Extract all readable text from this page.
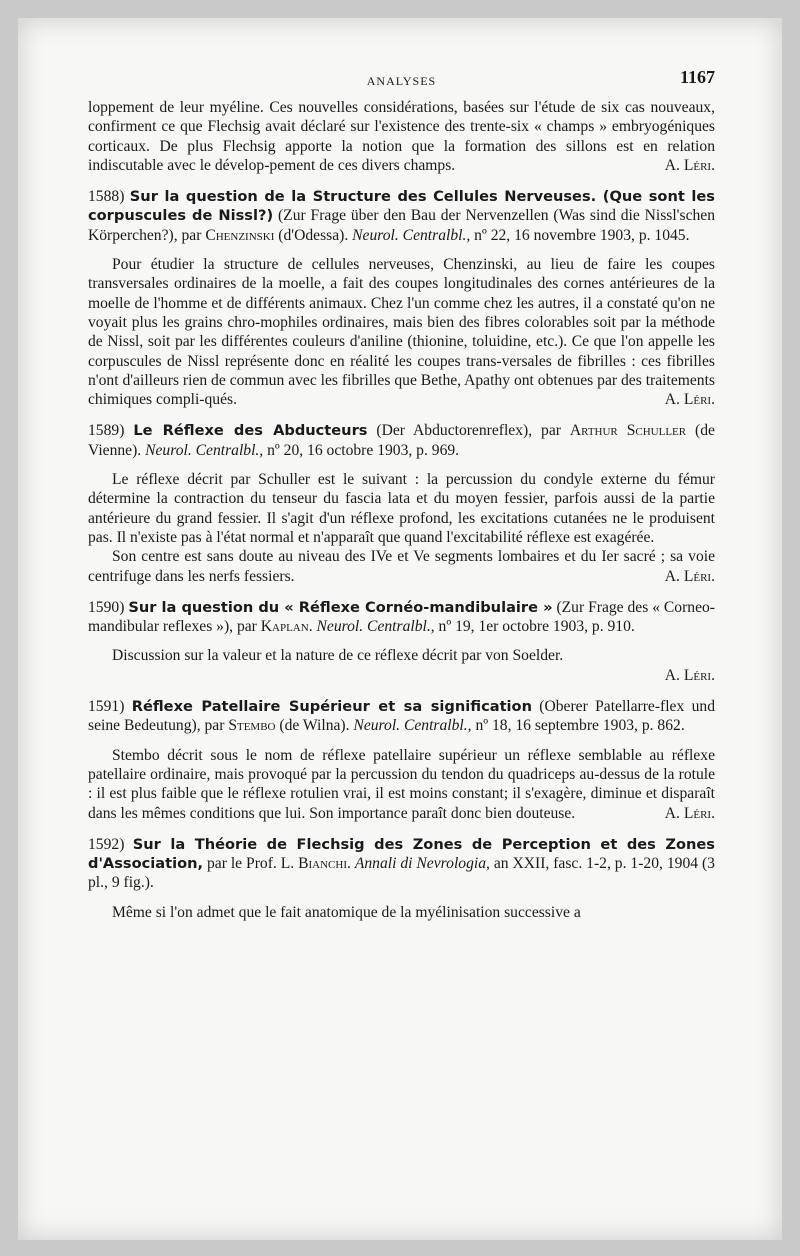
ANALYSES	1167

loppement de leur myéline. Ces nouvelles considérations, basées sur l'étude de six cas nouveaux, confirment ce que Flechsig avait déclaré sur l'existence des trente-six « champs » embryogéniques corticaux. De plus Flechsig apporte la notion que la formation des sillons est en relation indiscutable avec le dévelop-pement de ces divers champs.	A. Léri.

1588) Sur la question de la Structure des Cellules Nerveuses. (Que sont les corpuscules de Nissl?) (Zur Frage über den Bau der Nervenzellen (Was sind die Nissl'schen Körperchen?), par Chenzinski (d'Odessa). Neurol. Centralbl., nº 22, 16 novembre 1903, p. 1045.

Pour étudier la structure de cellules nerveuses, Chenzinski, au lieu de faire les coupes transversales ordinaires de la moelle, a fait des coupes longitudinales des cornes antérieures de la moelle de l'homme et de différents animaux. Chez l'un comme chez les autres, il a constaté qu'on ne voyait plus les grains chro-mophiles ordinaires, mais bien des fibres colorables soit par la méthode de Nissl, soit par les différentes couleurs d'aniline (thionine, toluidine, etc.). Ce que l'on appelle les corpuscules de Nissl représente donc en réalité les coupes trans-versales de fibrilles : ces fibrilles n'ont d'ailleurs rien de commun avec les fibrilles que Bethe, Apathy ont obtenues par des traitements chimiques compli-qués.	A. Léri.

1589) Le Réflexe des Abducteurs (Der Abductorenreflex), par Arthur Schuller (de Vienne). Neurol. Centralbl., nº 20, 16 octobre 1903, p. 969.

Le réflexe décrit par Schuller est le suivant : la percussion du condyle externe du fémur détermine la contraction du tenseur du fascia lata et du moyen fessier, parfois aussi de la partie antérieure du grand fessier. Il s'agit d'un réflexe profond, les excitations cutanées ne le produisent pas. Il n'existe pas à l'état normal et n'apparaît que quand l'excitabilité réflexe est exagérée.

Son centre est sans doute au niveau des IVe et Ve segments lombaires et du Ier sacré ; sa voie centrifuge dans les nerfs fessiers.	A. Léri.

1590) Sur la question du « Réflexe Cornéo-mandibulaire » (Zur Frage des « Corneo-mandibular reflexes »), par Kaplan. Neurol. Centralbl., nº 19, 1er octobre 1903, p. 910.

Discussion sur la valeur et la nature de ce réflexe décrit par von Soelder.

A. Léri.

1591) Réflexe Patellaire Supérieur et sa signification (Oberer Patellarre-flex und seine Bedeutung), par Stembo (de Wilna). Neurol. Centralbl., nº 18, 16 septembre 1903, p. 862.

Stembo décrit sous le nom de réflexe patellaire supérieur un réflexe semblable au réflexe patellaire ordinaire, mais provoqué par la percussion du tendon du quadriceps au-dessus de la rotule : il est plus faible que le réflexe rotulien vrai, il est moins constant; il s'exagère, diminue et disparaît dans les mêmes conditions que lui. Son importance paraît donc bien douteuse.	A. Léri.

1592) Sur la Théorie de Flechsig des Zones de Perception et des Zones d'Association, par le Prof. L. Bianchi. Annali di Nevrologia, an XXII, fasc. 1-2, p. 1-20, 1904 (3 pl., 9 fig.).

Même si l'on admet que le fait anatomique de la myélinisation successive a
